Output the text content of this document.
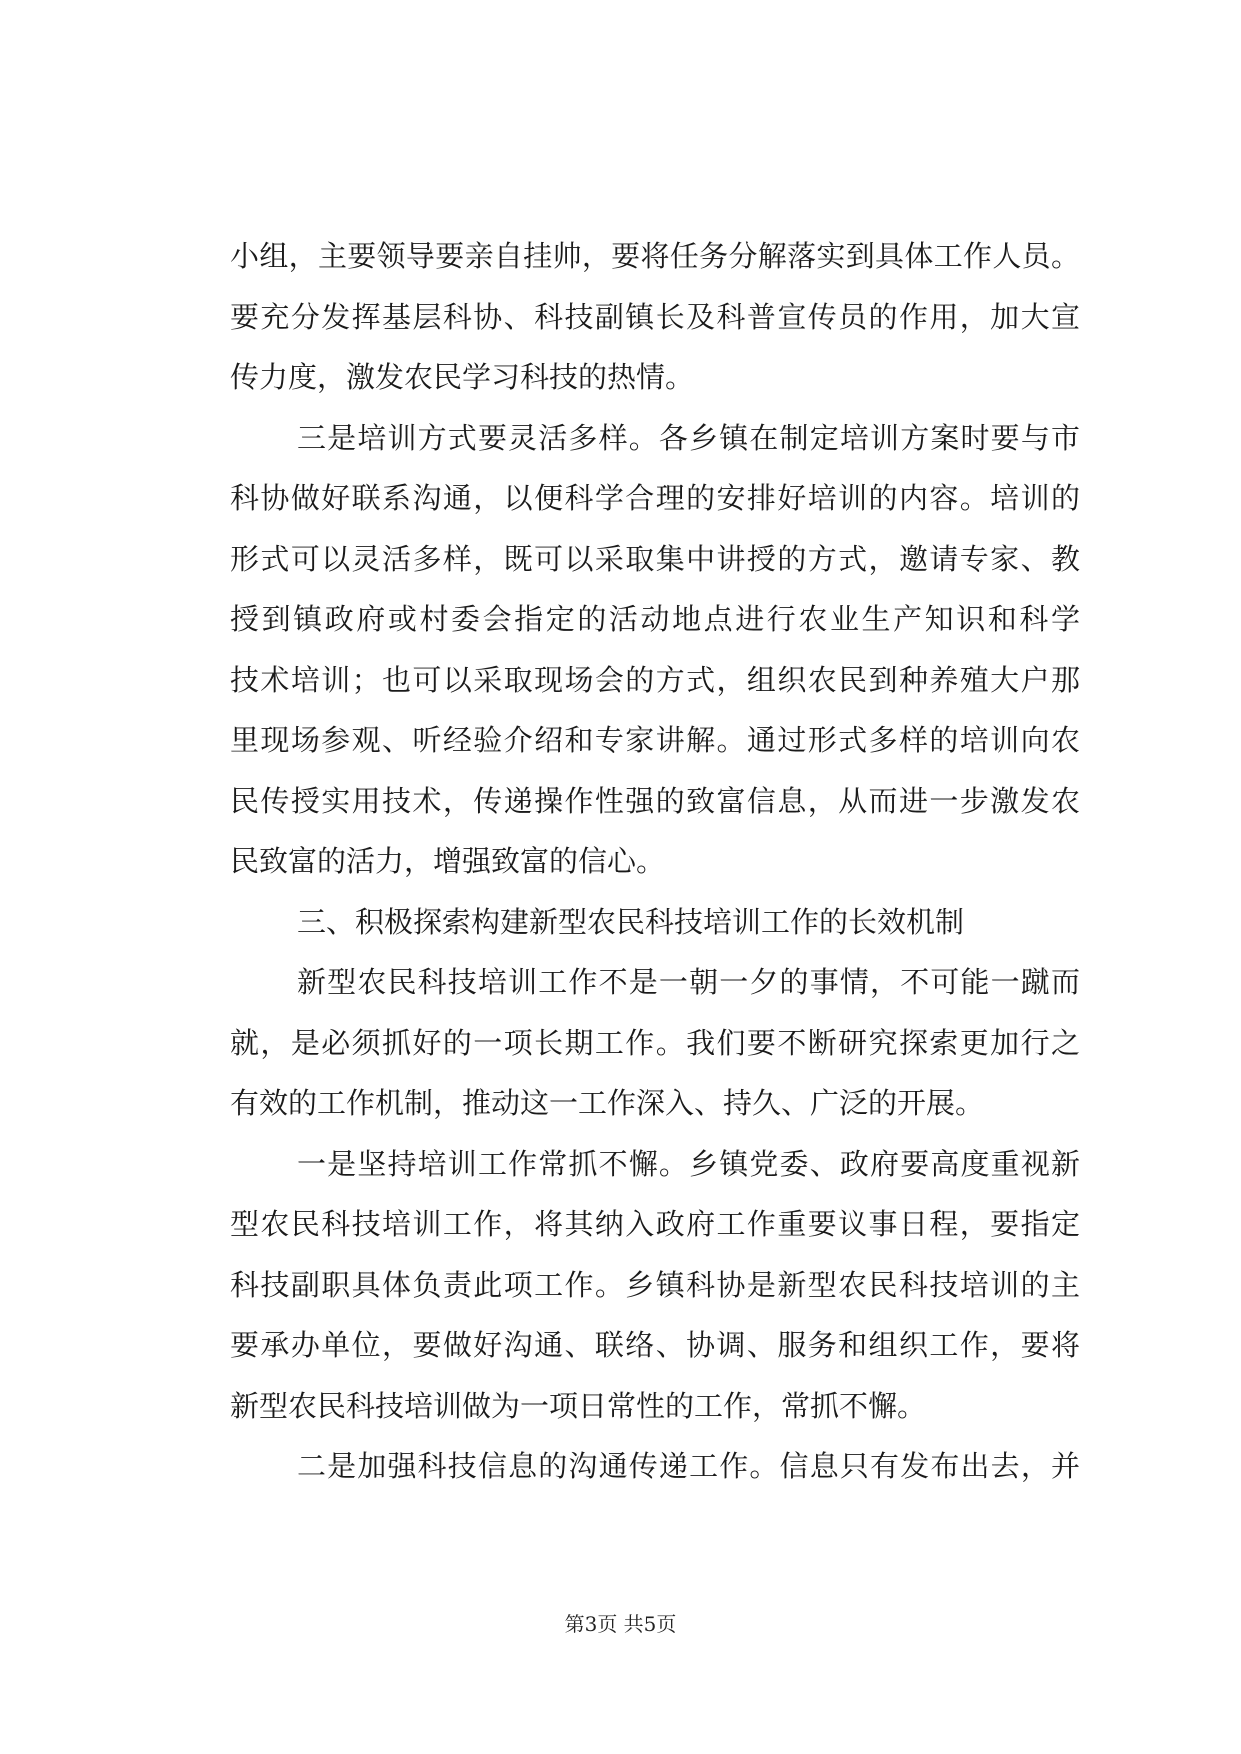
小组，主要领导要亲自挂帅，要将任务分解落实到具体工作人员。
要充分发挥基层科协、科技副镇长及科普宣传员的作用，加大宣
传力度，激发农民学习科技的热情。
三是培训方式要灵活多样。各乡镇在制定培训方案时要与市
科协做好联系沟通，以便科学合理的安排好培训的内容。培训的
形式可以灵活多样，既可以采取集中讲授的方式，邀请专家、教
授到镇政府或村委会指定的活动地点进行农业生产知识和科学
技术培训；也可以采取现场会的方式，组织农民到种养殖大户那
里现场参观、听经验介绍和专家讲解。通过形式多样的培训向农
民传授实用技术，传递操作性强的致富信息，从而进一步激发农
民致富的活力，增强致富的信心。
三、积极探索构建新型农民科技培训工作的长效机制
新型农民科技培训工作不是一朝一夕的事情，不可能一蹴而
就，是必须抓好的一项长期工作。我们要不断研究探索更加行之
有效的工作机制，推动这一工作深入、持久、广泛的开展。
一是坚持培训工作常抓不懈。乡镇党委、政府要高度重视新
型农民科技培训工作，将其纳入政府工作重要议事日程，要指定
科技副职具体负责此项工作。乡镇科协是新型农民科技培训的主
要承办单位，要做好沟通、联络、协调、服务和组织工作，要将
新型农民科技培训做为一项日常性的工作，常抓不懈。
二是加强科技信息的沟通传递工作。信息只有发布出去，并
第3页 共5页
